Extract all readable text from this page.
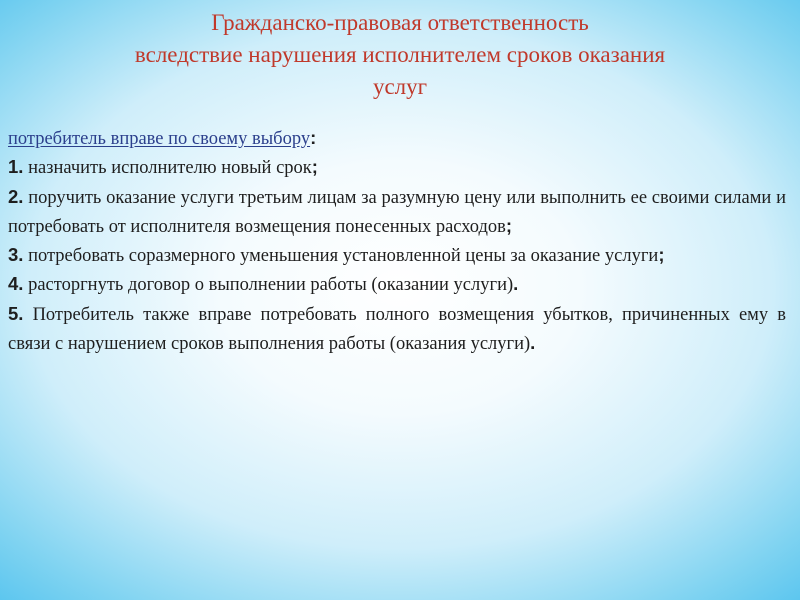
Гражданско-правовая ответственность
вследствие нарушения исполнителем сроков оказания
услуг
потребитель вправе по своему выбору:
1. назначить исполнителю новый срок;
2. поручить оказание услуги третьим лицам за разумную цену или выполнить ее своими силами и потребовать от исполнителя возмещения понесенных расходов;
3. потребовать соразмерного уменьшения установленной цены за оказание услуги;
4. расторгнуть договор о выполнении работы (оказании услуги).
5. Потребитель также вправе потребовать полного возмещения убытков, причиненных ему в связи с нарушением сроков выполнения работы (оказания услуги).
